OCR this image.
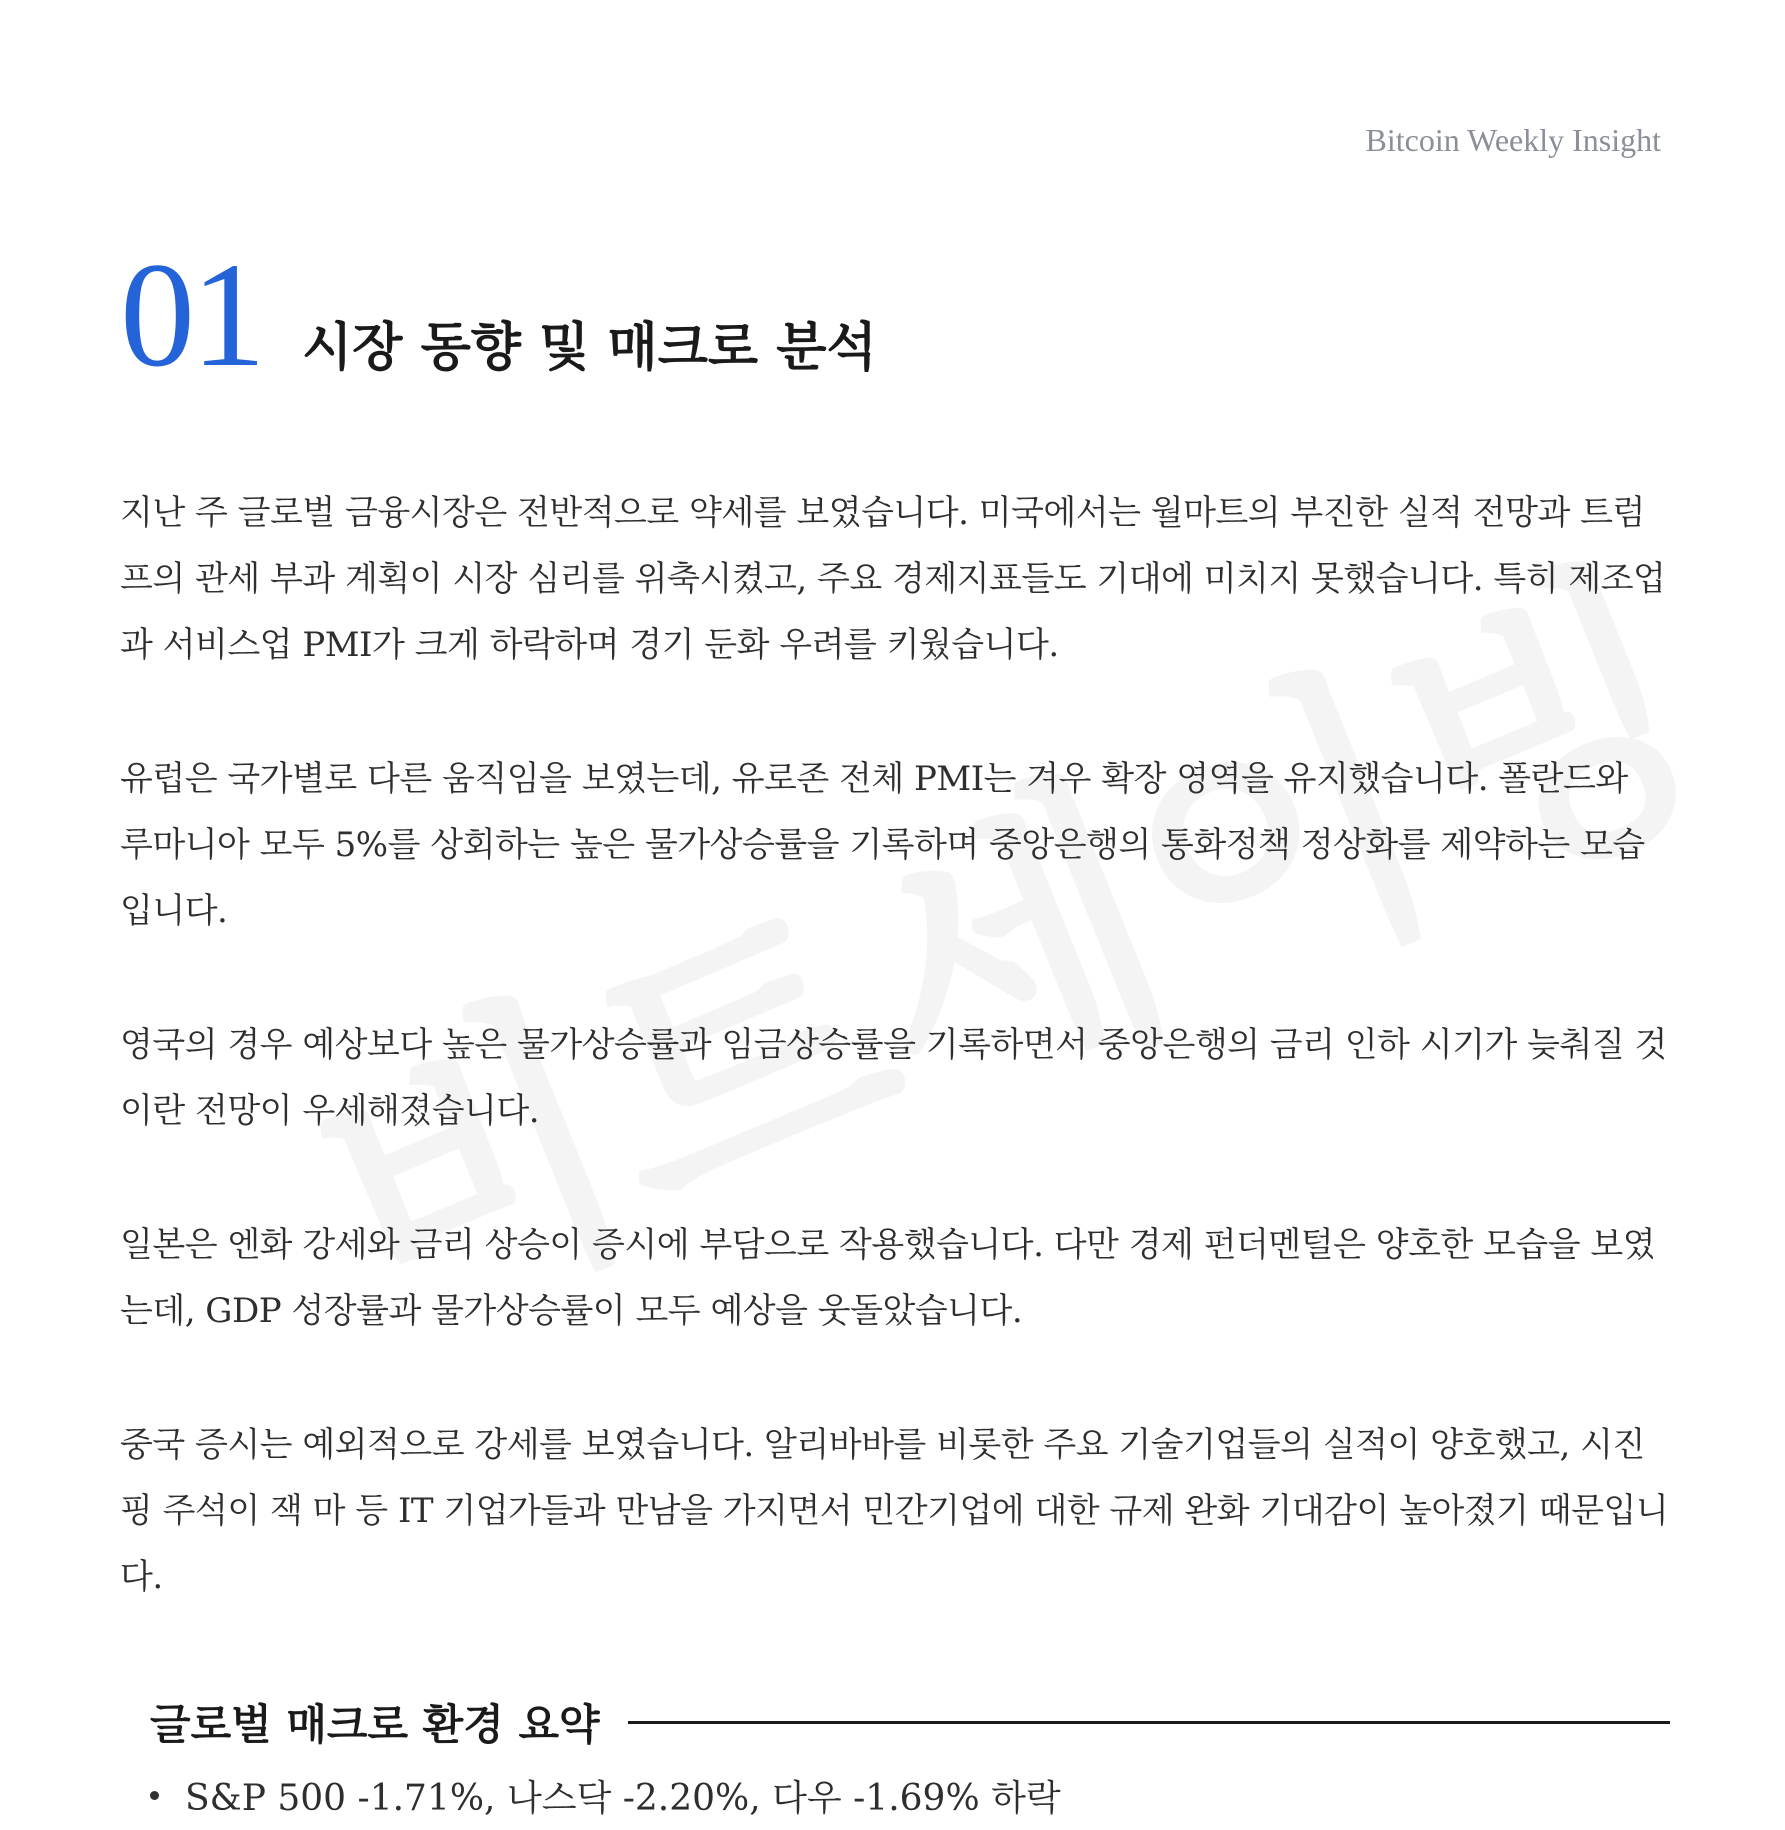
Bitcoin Weekly Insight
01 시장 동향 및 매크로 분석

지난 주 글로벌 금융시장은 전반적으로 약세를 보였습니다. 미국에서는 월마트의 부진한 실적 전망과 트럼프의 관세 부과 계획이 시장 심리를 위축시켰고, 주요 경제지표들도 기대에 미치지 못했습니다. 특히 제조업과 서비스업 PMI가 크게 하락하며 경기 둔화 우려를 키웠습니다.

유럽은 국가별로 다른 움직임을 보였는데, 유로존 전체 PMI는 겨우 확장 영역을 유지했습니다. 폴란드와 루마니아 모두 5%를 상회하는 높은 물가상승률을 기록하며 중앙은행의 통화정책 정상화를 제약하는 모습입니다.

영국의 경우 예상보다 높은 물가상승률과 임금상승률을 기록하면서 중앙은행의 금리 인하 시기가 늦춰질 것이란 전망이 우세해졌습니다.

일본은 엔화 강세와 금리 상승이 증시에 부담으로 작용했습니다. 다만 경제 펀더멘털은 양호한 모습을 보였는데, GDP 성장률과 물가상승률이 모두 예상을 웃돌았습니다.

중국 증시는 예외적으로 강세를 보였습니다. 알리바바를 비롯한 주요 기술기업들의 실적이 양호했고, 시진핑 주석이 잭 마 등 IT 기업가들과 만남을 가지면서 민간기업에 대한 규제 완화 기대감이 높아졌기 때문입니다.

글로벌 매크로 환경 요약
S&P 500 -1.71%, 나스닥 -2.20%, 다우 -1.69% 하락
